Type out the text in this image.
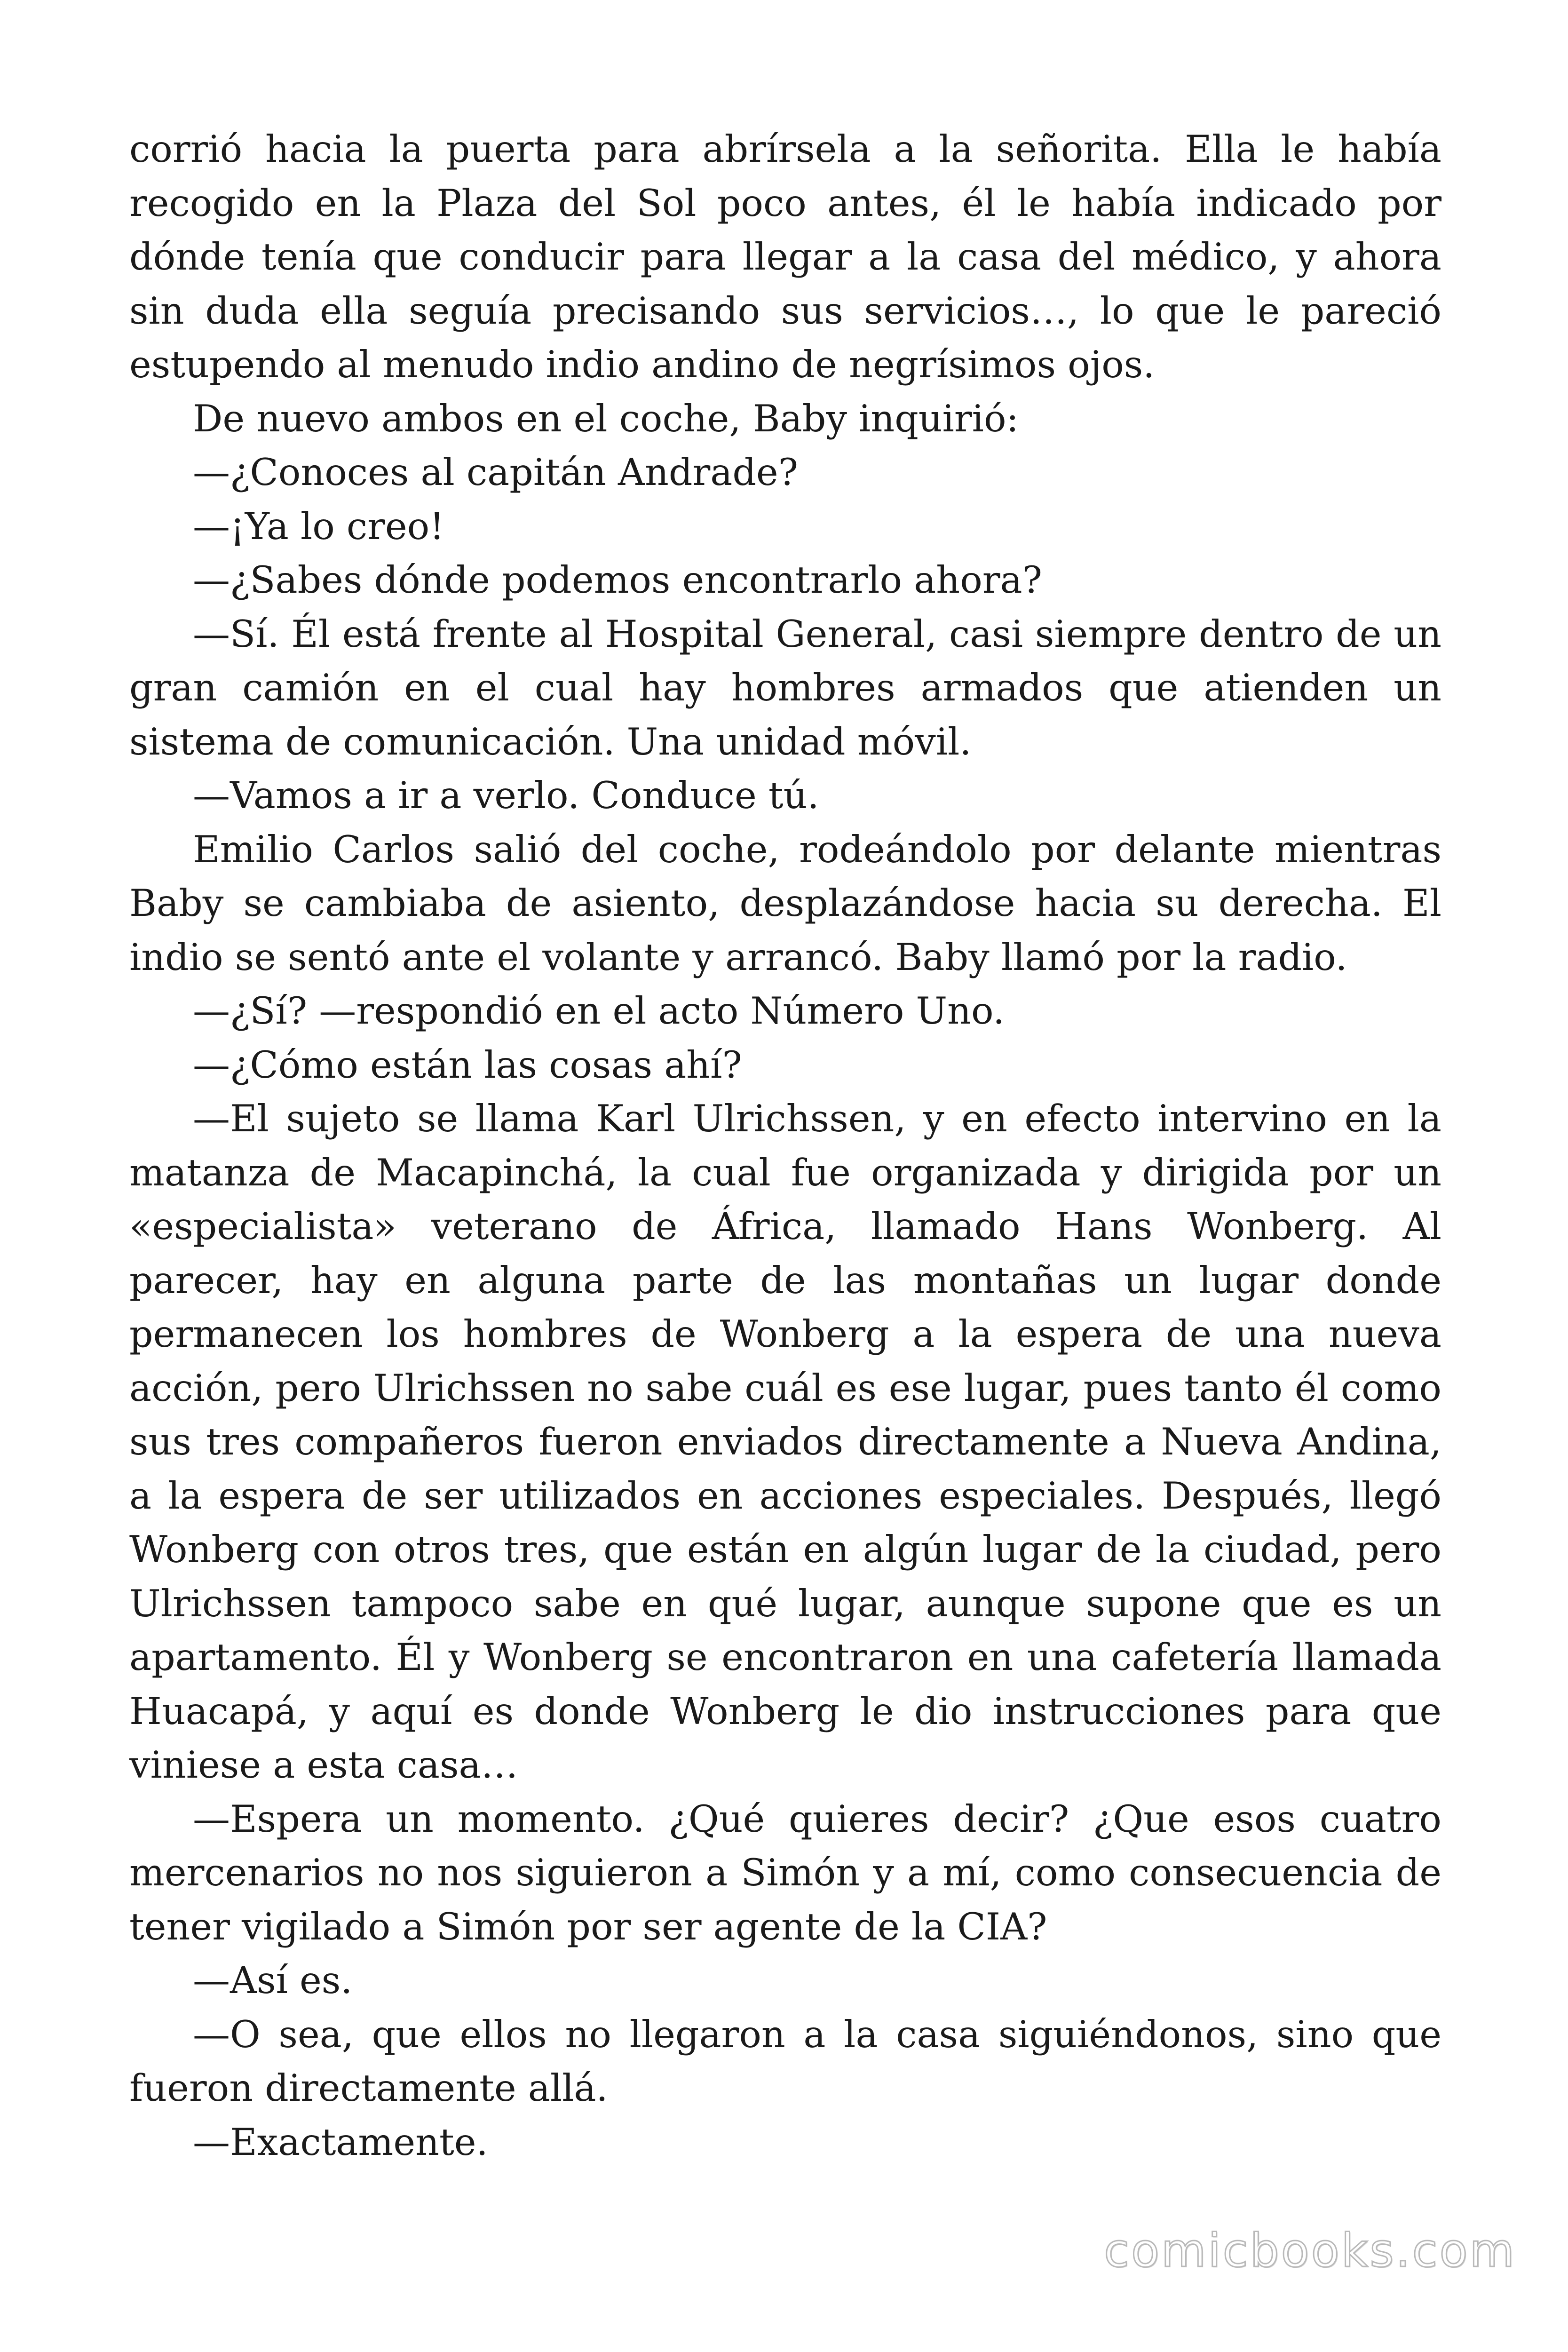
corrió hacia la puerta para abrírsela a la señorita. Ella le había recogido en la Plaza del Sol poco antes, él le había indicado por dónde tenía que conducir para llegar a la casa del médico, y ahora sin duda ella seguía precisando sus servicios…, lo que le pareció estupendo al menudo indio andino de negrísimos ojos.

De nuevo ambos en el coche, Baby inquirió:

—¿Conoces al capitán Andrade?

—¡Ya lo creo!

—¿Sabes dónde podemos encontrarlo ahora?

—Sí. Él está frente al Hospital General, casi siempre dentro de un gran camión en el cual hay hombres armados que atienden un sistema de comunicación. Una unidad móvil.

—Vamos a ir a verlo. Conduce tú.

Emilio Carlos salió del coche, rodeándolo por delante mientras Baby se cambiaba de asiento, desplazándose hacia su derecha. El indio se sentó ante el volante y arrancó. Baby llamó por la radio.

—¿Sí? —respondió en el acto Número Uno.

—¿Cómo están las cosas ahí?

—El sujeto se llama Karl Ulrichssen, y en efecto intervino en la matanza de Macapinchá, la cual fue organizada y dirigida por un «especialista» veterano de África, llamado Hans Wonberg. Al parecer, hay en alguna parte de las montañas un lugar donde permanecen los hombres de Wonberg a la espera de una nueva acción, pero Ulrichssen no sabe cuál es ese lugar, pues tanto él como sus tres compañeros fueron enviados directamente a Nueva Andina, a la espera de ser utilizados en acciones especiales. Después, llegó Wonberg con otros tres, que están en algún lugar de la ciudad, pero Ulrichssen tampoco sabe en qué lugar, aunque supone que es un apartamento. Él y Wonberg se encontraron en una cafetería llamada Huacapá, y aquí es donde Wonberg le dio instrucciones para que viniese a esta casa…

—Espera un momento. ¿Qué quieres decir? ¿Que esos cuatro mercenarios no nos siguieron a Simón y a mí, como consecuencia de tener vigilado a Simón por ser agente de la CIA?

—Así es.

—O sea, que ellos no llegaron a la casa siguiéndonos, sino que fueron directamente allá.

—Exactamente.

comicbooks.com
